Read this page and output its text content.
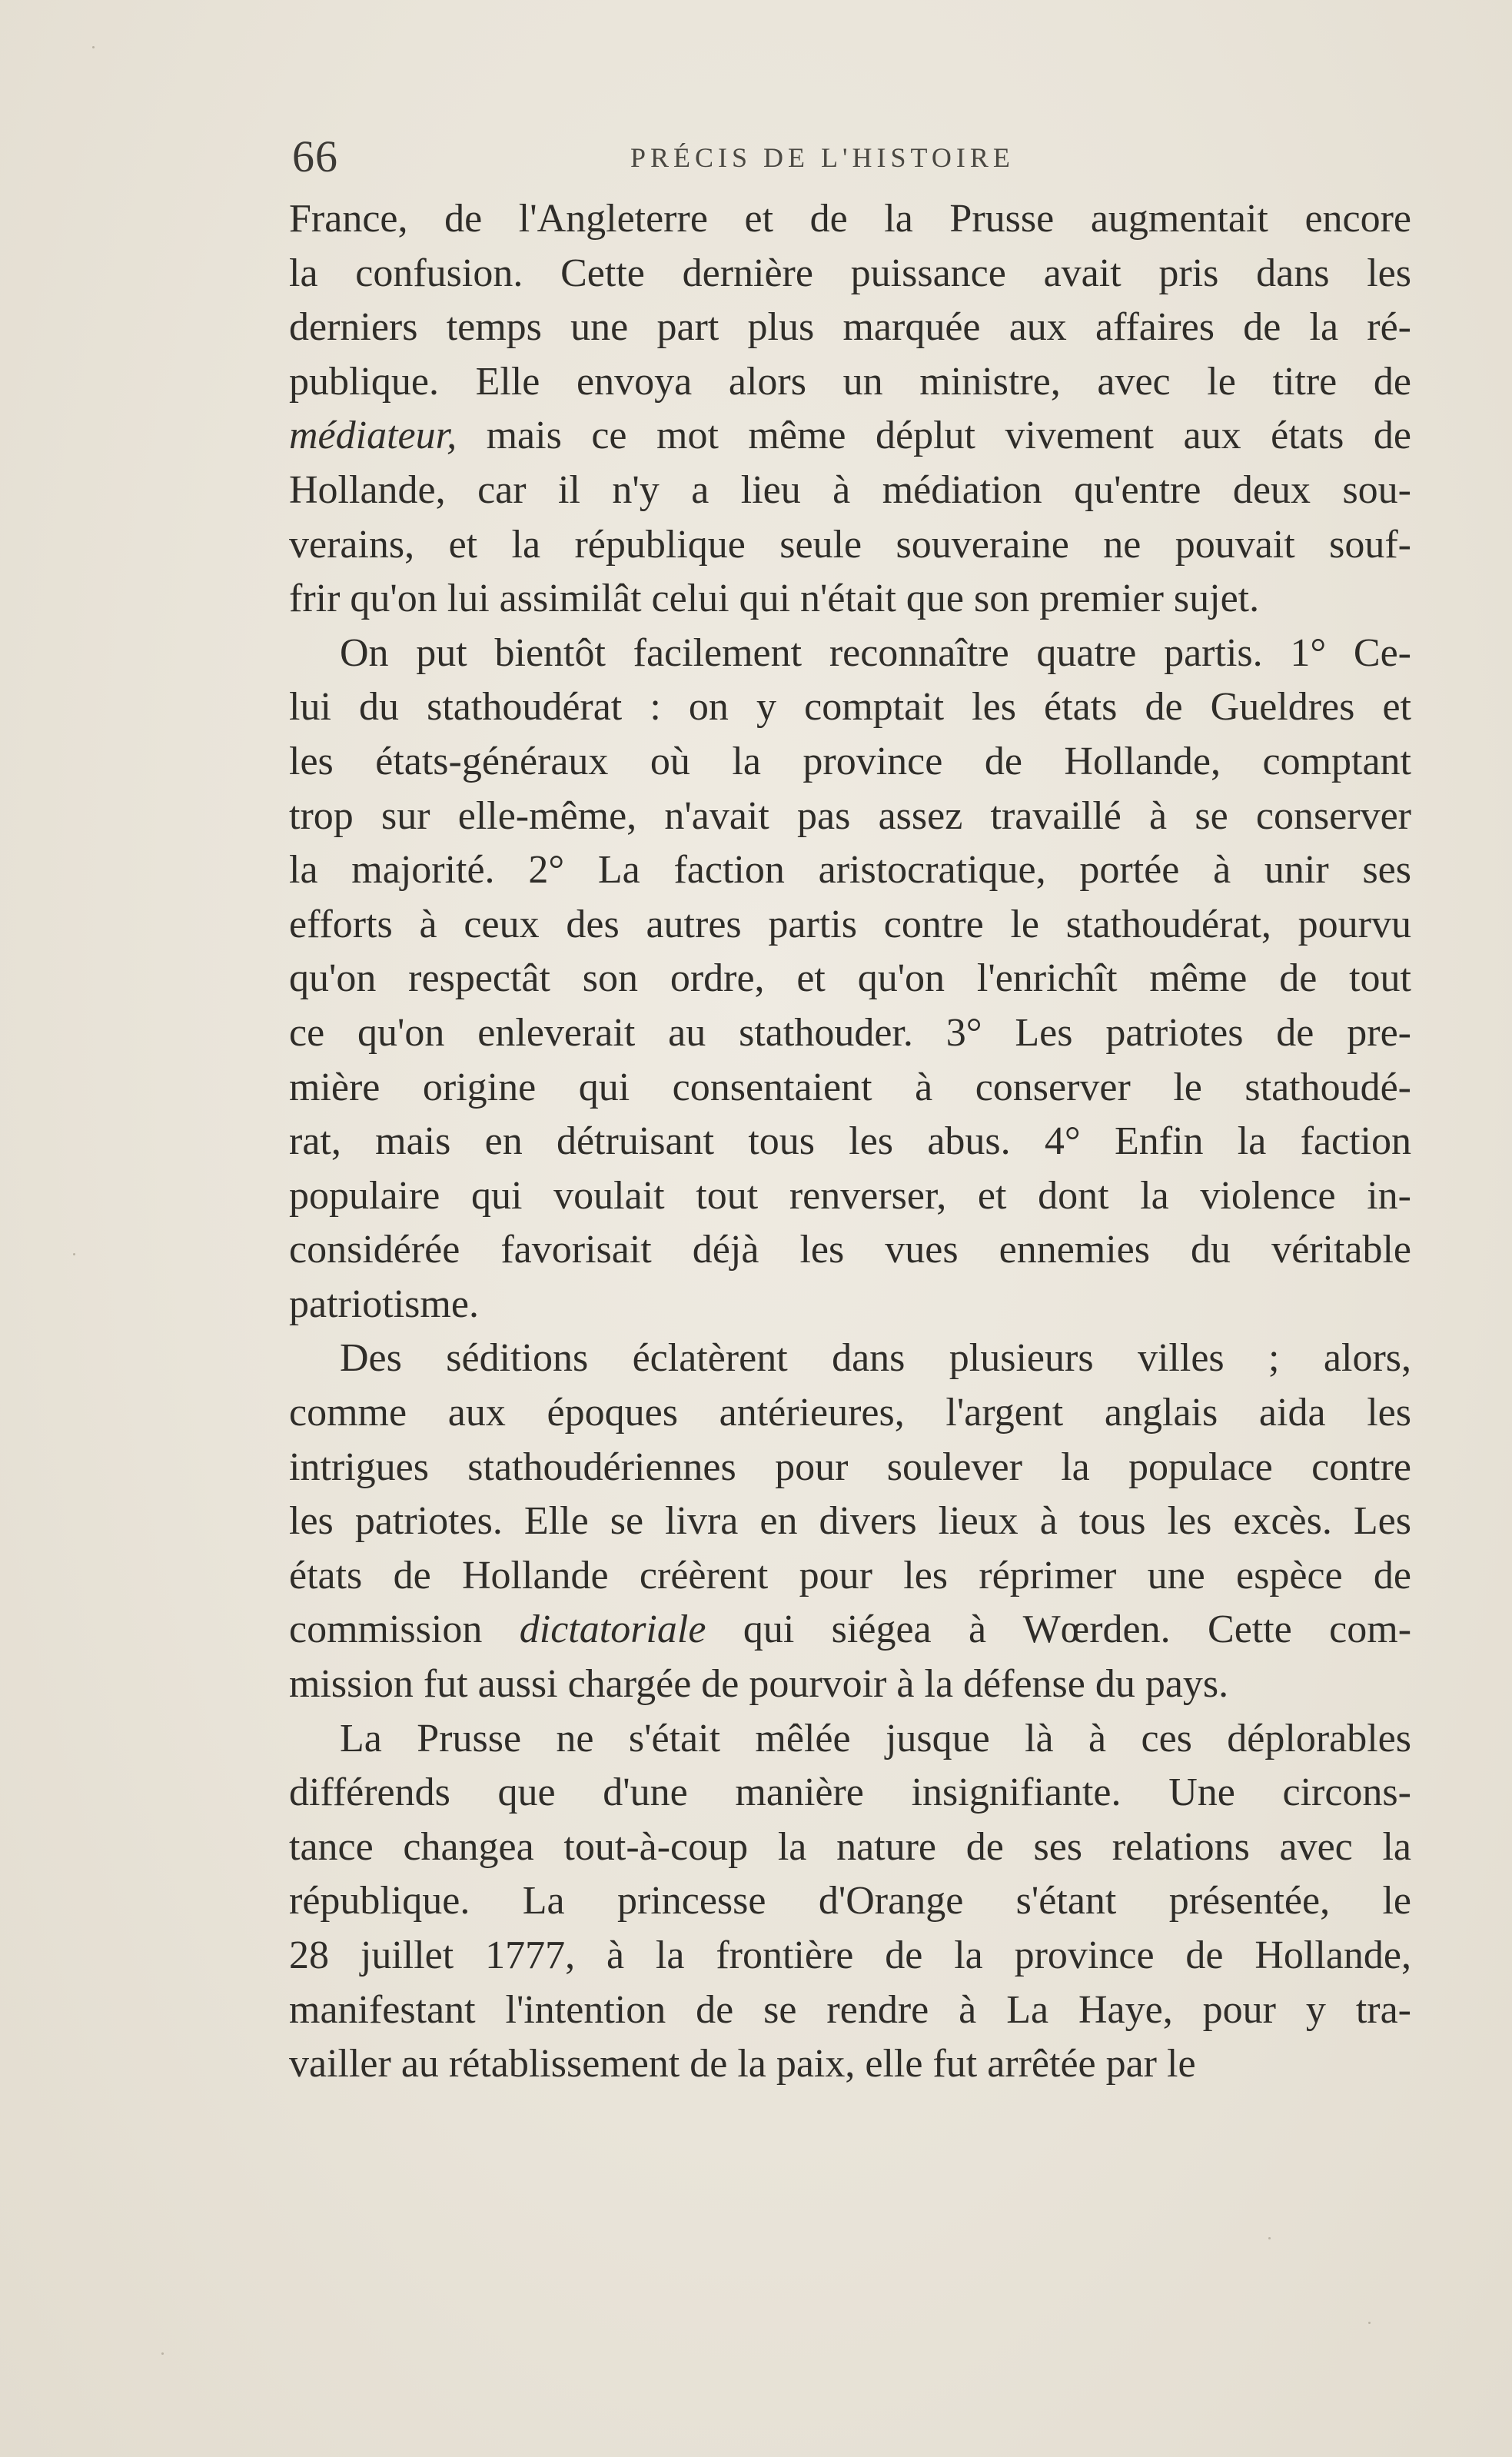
66	PRÉCIS DE L'HISTOIRE
France, de l'Angleterre et de la Prusse augmentait encore
la confusion. Cette dernière puissance avait pris dans les
derniers temps une part plus marquée aux affaires de la ré-
publique. Elle envoya alors un ministre, avec le titre de
médiateur, mais ce mot même déplut vivement aux états de
Hollande, car il n'y a lieu à médiation qu'entre deux sou-
verains, et la république seule souveraine ne pouvait souf-
frir qu'on lui assimilât celui qui n'était que son premier sujet.
On put bientôt facilement reconnaître quatre partis. 1° Ce-
lui du stathoudérat : on y comptait les états de Gueldres et
les états-généraux où la province de Hollande, comptant
trop sur elle-même, n'avait pas assez travaillé à se conserver
la majorité. 2° La faction aristocratique, portée à unir ses
efforts à ceux des autres partis contre le stathoudérat, pourvu
qu'on respectât son ordre, et qu'on l'enrichît même de tout
ce qu'on enleverait au stathouder. 3° Les patriotes de pre-
mière origine qui consentaient à conserver le stathoudé-
rat, mais en détruisant tous les abus. 4° Enfin la faction
populaire qui voulait tout renverser, et dont la violence in-
considérée favorisait déjà les vues ennemies du véritable
patriotisme.
Des séditions éclatèrent dans plusieurs villes ; alors,
comme aux époques antérieures, l'argent anglais aida les
intrigues stathoudériennes pour soulever la populace contre
les patriotes. Elle se livra en divers lieux à tous les excès. Les
états de Hollande créèrent pour les réprimer une espèce de
commission dictatoriale qui siégea à Wœrden. Cette com-
mission fut aussi chargée de pourvoir à la défense du pays.
La Prusse ne s'était mêlée jusque là à ces déplorables
différends que d'une manière insignifiante. Une circons-
tance changea tout-à-coup la nature de ses relations avec la
république. La princesse d'Orange s'étant présentée, le
28 juillet 1777, à la frontière de la province de Hollande,
manifestant l'intention de se rendre à La Haye, pour y tra-
vailler au rétablissement de la paix, elle fut arrêtée par le
